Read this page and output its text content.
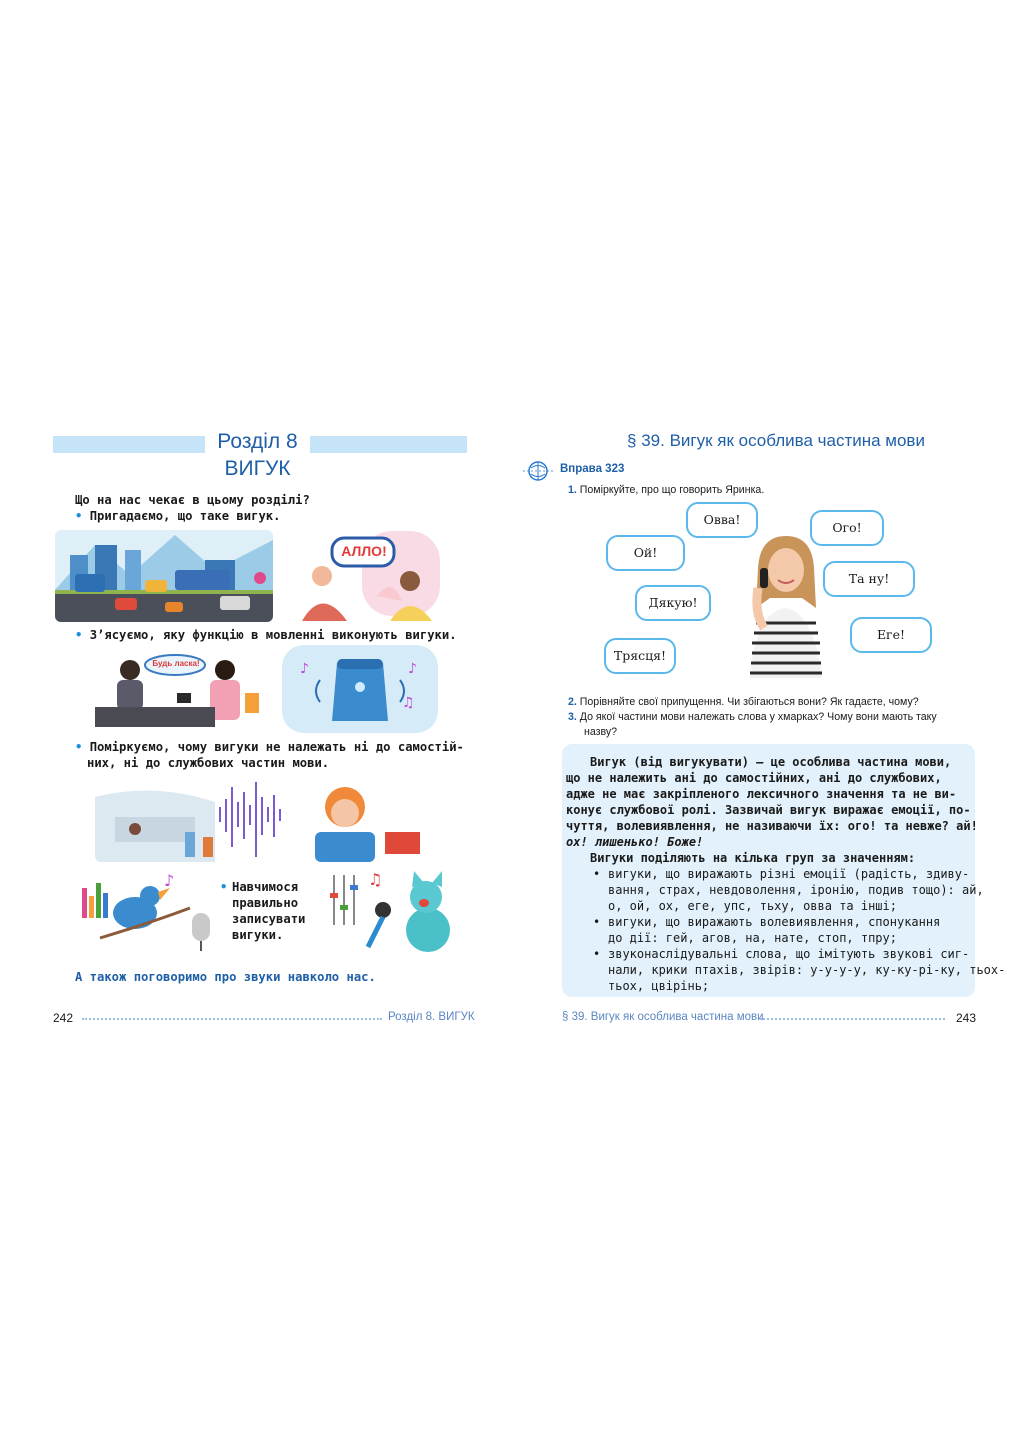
Розділ 8
ВИГУК
Що на нас чекає в цьому розділі?
• Пригадаємо, що таке вигук.
АЛЛО!
• З’ясуємо, яку функцію в мовленні виконують вигуки.
Будь ласка!	♪	♪
♫
• Поміркуємо, чому вигуки не належать ні до самостій-
них, ні до службових частин мови.
♪	Навчимося
правильно
записувати
вигуки.
•	♫
А також поговоримо про звуки навколо нас.
242	Розділ 8. ВИГУК
§ 39. Вигук як особлива частина мови
Вправа 323
1. Поміркуйте, про що говорить Яринка.
Овва!
Ого!
Ой!
Та ну!
Дякую!
Еге!
Трясця!
2. Порівняйте свої припущення. Чи збігаються вони? Як гадаєте, чому?
3. До якої частини мови належать слова у хмарках? Чому вони мають таку
назву?
Вигук (від вигукувати) — це особлива частина мови,
що не належить ані до самостійних, ані до службових,
адже не має закріпленого лексичного значення та не ви-
конує службової ролі. Зазвичай вигук виражає емоції, по-
чуття, волевиявлення, не називаючи їх: ого! та невже? ай!
ох! лишенько! Боже!
Вигуки поділяють на кілька груп за значенням:
• вигуки, що виражають різні емоції (радість, здиву-
вання, страх, невдоволення, іронію, подив тощо): ай,
о, ой, ох, еге, упс, тьху, овва та інші;
• вигуки, що виражають волевиявлення, спонукання
до дії: гей, агов, на, нате, стоп, тпру;
• звуконаслідувальні слова, що імітують звукові сиг-
нали, крики птахів, звірів: у-у-у-у, ку-ку-рі-ку, тьох-
тьох, цвірінь;
§ 39. Вигук як особлива частина мови	243
